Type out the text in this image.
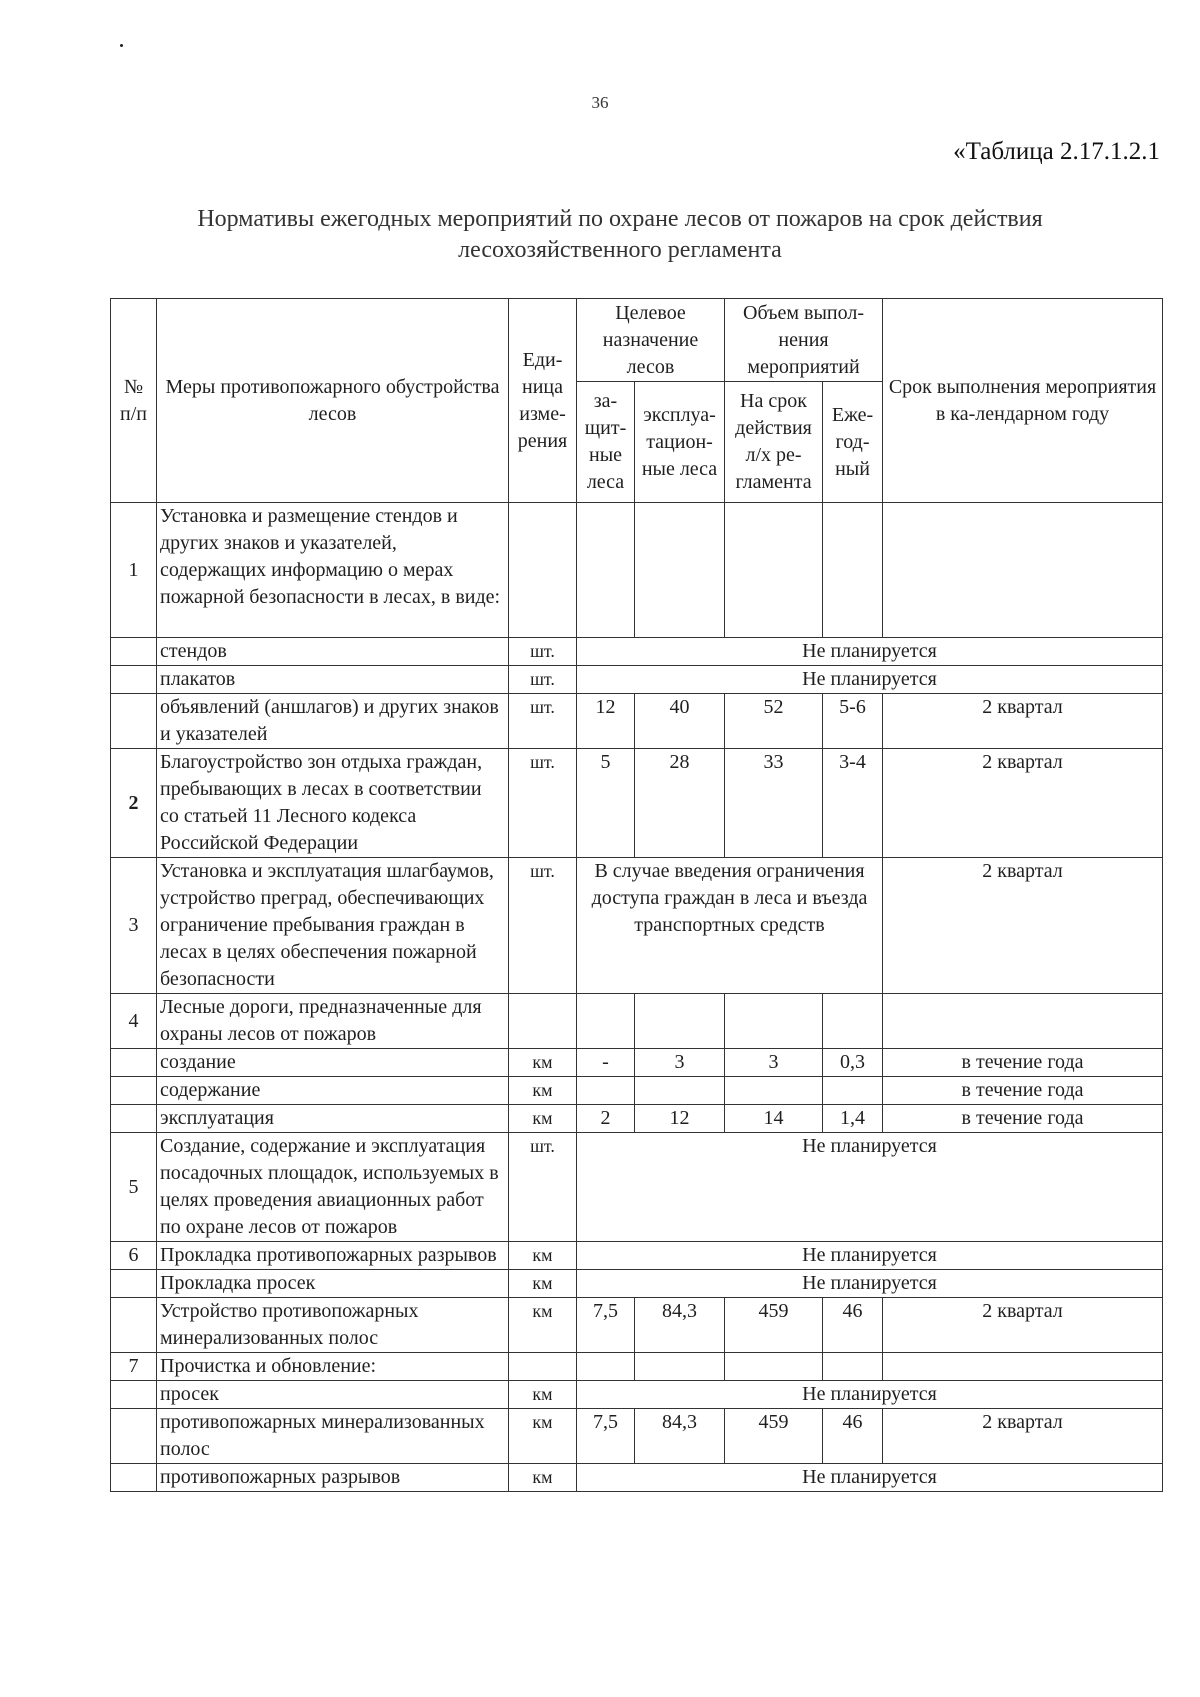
36
«Таблица 2.17.1.2.1
Нормативы ежегодных мероприятий по охране лесов от пожаров на срок действия
лесохозяйственного регламента
№ п/п	Меры противопожарного обустройства лесов	Еди-ница изме-рения	Целевое назначение лесов		Объем выпол-нения мероприятий		Срок выполнения мероприятия в ка-лендарном году
			за-щит-ные леса	эксплуа-тацион-ные леса	На срок действия л/х ре-гламента	Еже-год-ный	
1	Установка и размещение стендов и других знаков и указателей, содержащих информацию о мерах пожарной безопасности в лесах, в виде:						
	стендов	шт.	Не планируется				
	плакатов	шт.	Не планируется				
	объявлений (аншлагов) и других знаков и указателей	шт.	12	40	52	5-6	2 квартал
2	Благоустройство зон отдыха граждан, пребывающих в лесах в соответствии со статьей 11 Лесного кодекса Российской Федерации	шт.	5	28	33	3-4	2 квартал
3	Установка и эксплуатация шлагбаумов, устройство преград, обеспечивающих ограничение пребывания граждан в лесах в целях обеспечения пожарной безопасности	шт.	В случае введения ограничения доступа граждан в леса и въезда транспортных средств				2 квартал
4	Лесные дороги, предназначенные для охраны лесов от пожаров						
	создание	км	-	3	3	0,3	в течение года
	содержание	км					в течение года
	эксплуатация	км	2	12	14	1,4	в течение года
5	Создание, содержание и эксплуатация посадочных площадок, используемых в целях проведения авиационных работ по охране лесов от пожаров	шт.	Не планируется				
6	Прокладка противопожарных разрывов	км	Не планируется				
	Прокладка просек	км	Не планируется				
	Устройство противопожарных минерализованных полос	км	7,5	84,3	459	46	2 квартал
7	Прочистка и обновление:						
	просек	км	Не планируется				
	противопожарных минерализованных полос	км	7,5	84,3	459	46	2 квартал
	противопожарных разрывов	км	Не планируется				
